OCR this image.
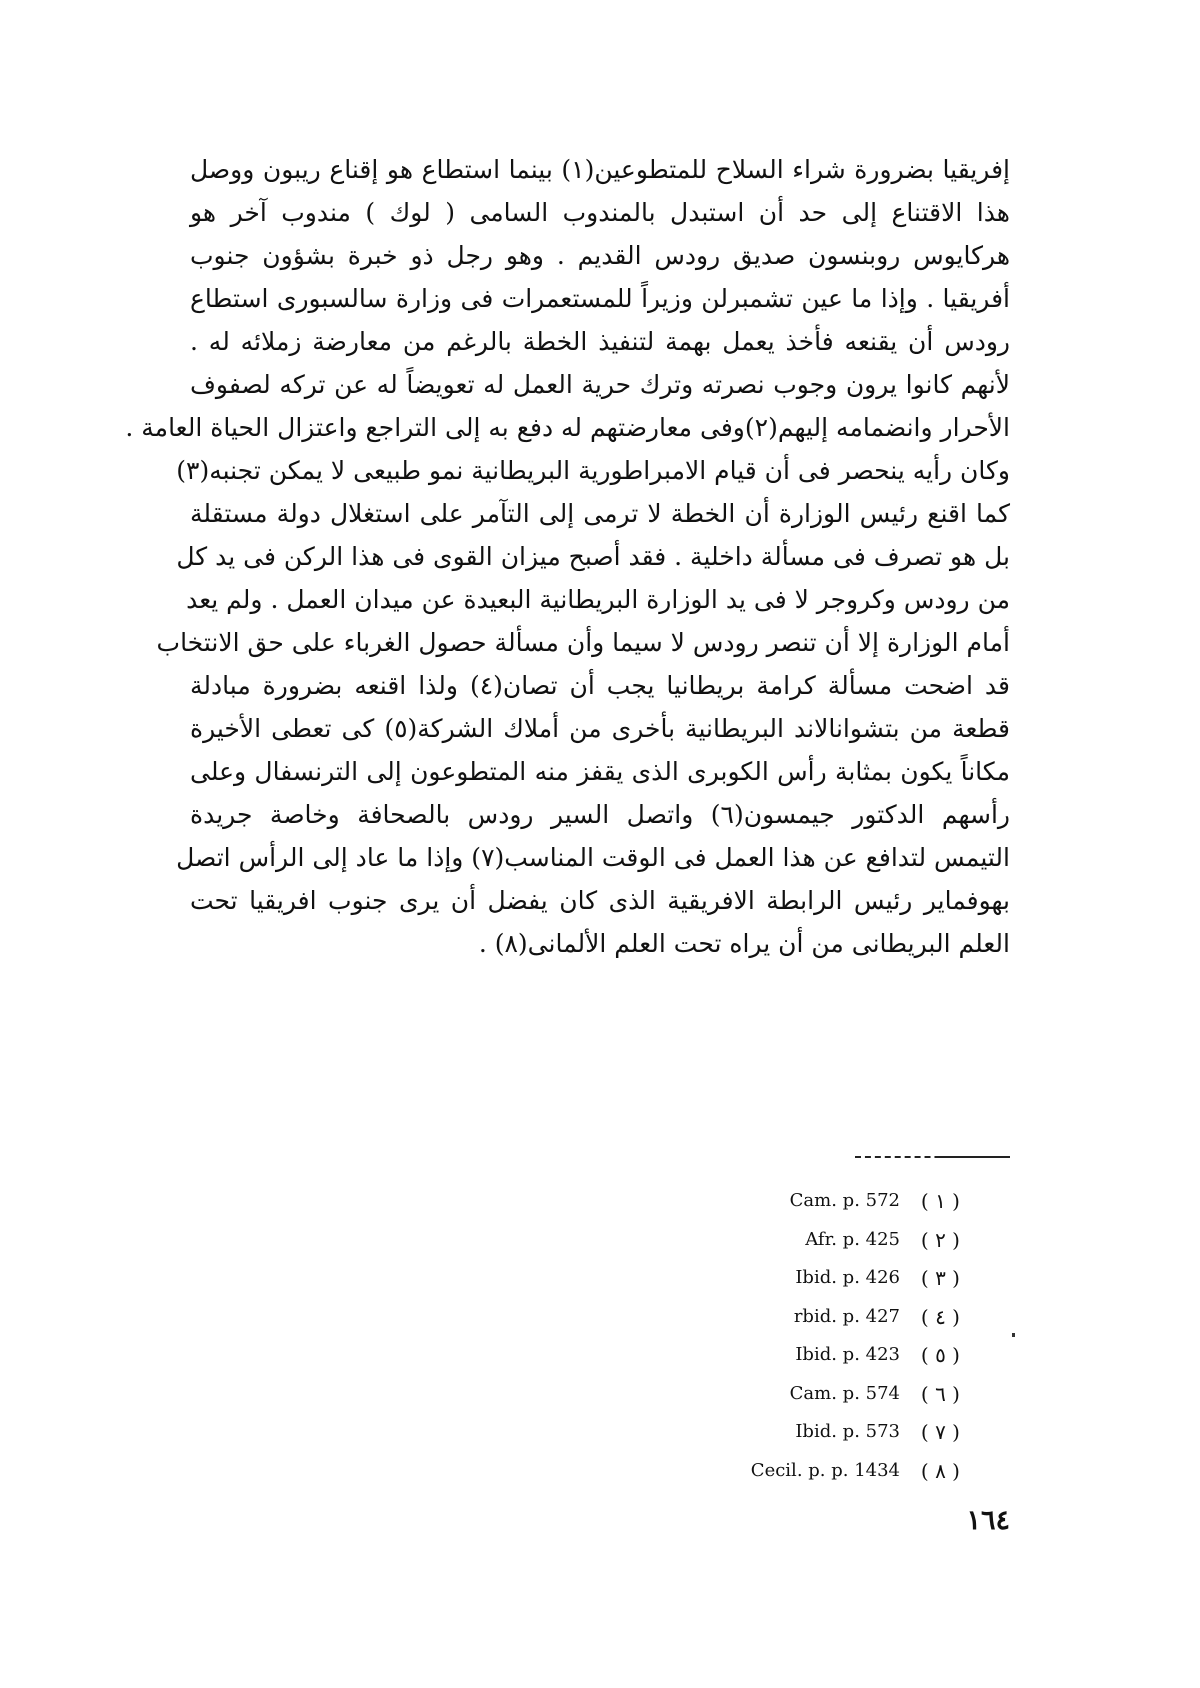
إفريقيا بضرورة شراء السلاح للمتطوعين(١) بينما استطاع هو إقناع ريبون ووصل
هذا الاقتناع إلى حد أن استبدل بالمندوب السامى ( لوك ) مندوب آخر هو
هركايوس روبنسون صديق رودس القديم . وهو رجل ذو خبرة بشؤون جنوب
أفريقيا . وإذا ما عين تشمبرلن وزيراً للمستعمرات فى وزارة سالسبورى استطاع
رودس أن يقنعه فأخذ يعمل بهمة لتنفيذ الخطة بالرغم من معارضة زملائه له .
لأنهم كانوا يرون وجوب نصرته وترك حرية العمل له تعويضاً له عن تركه لصفوف
الأحرار وانضمامه إليهم(٢)وفى معارضتهم له دفع به إلى التراجع واعتزال الحياة العامة .
وكان رأيه ينحصر فى أن قيام الامبراطورية البريطانية نمو طبيعى لا يمكن تجنبه(٣)
كما اقنع رئيس الوزارة أن الخطة لا ترمى إلى التآمر على استغلال دولة مستقلة
بل هو تصرف فى مسألة داخلية . فقد أصبح ميزان القوى فى هذا الركن فى يد كل
من رودس وكروجر لا فى يد الوزارة البريطانية البعيدة عن ميدان العمل . ولم يعد
أمام الوزارة إلا أن تنصر رودس لا سيما وأن مسألة حصول الغرباء على حق الانتخاب
قد اضحت مسألة كرامة بريطانيا يجب أن تصان(٤) ولذا اقنعه بضرورة مبادلة
قطعة من بتشوانالاند البريطانية بأخرى من أملاك الشركة(٥) كى تعطى الأخيرة
مكاناً يكون بمثابة رأس الكوبرى الذى يقفز منه المتطوعون إلى الترنسفال وعلى
رأسهم الدكتور جيمسون(٦) واتصل السير رودس بالصحافة وخاصة جريدة
التيمس لتدافع عن هذا العمل فى الوقت المناسب(٧) وإذا ما عاد إلى الرأس اتصل
بهوفماير رئيس الرابطة الافريقية الذى كان يفضل أن يرى جنوب افريقيا تحت
العلم البريطانى من أن يراه تحت العلم الألمانى(٨) .
Cam. p. 572	( ١ )
Afr. p. 425	( ٢ )
Ibid. p. 426	( ٣ )
rbid. p. 427	( ٤ )
Ibid. p. 423	( ٥ )
Cam. p. 574	( ٦ )
Ibid. p. 573	( ٧ )
Cecil. p. p. 1434	( ٨ )
١٦٤
